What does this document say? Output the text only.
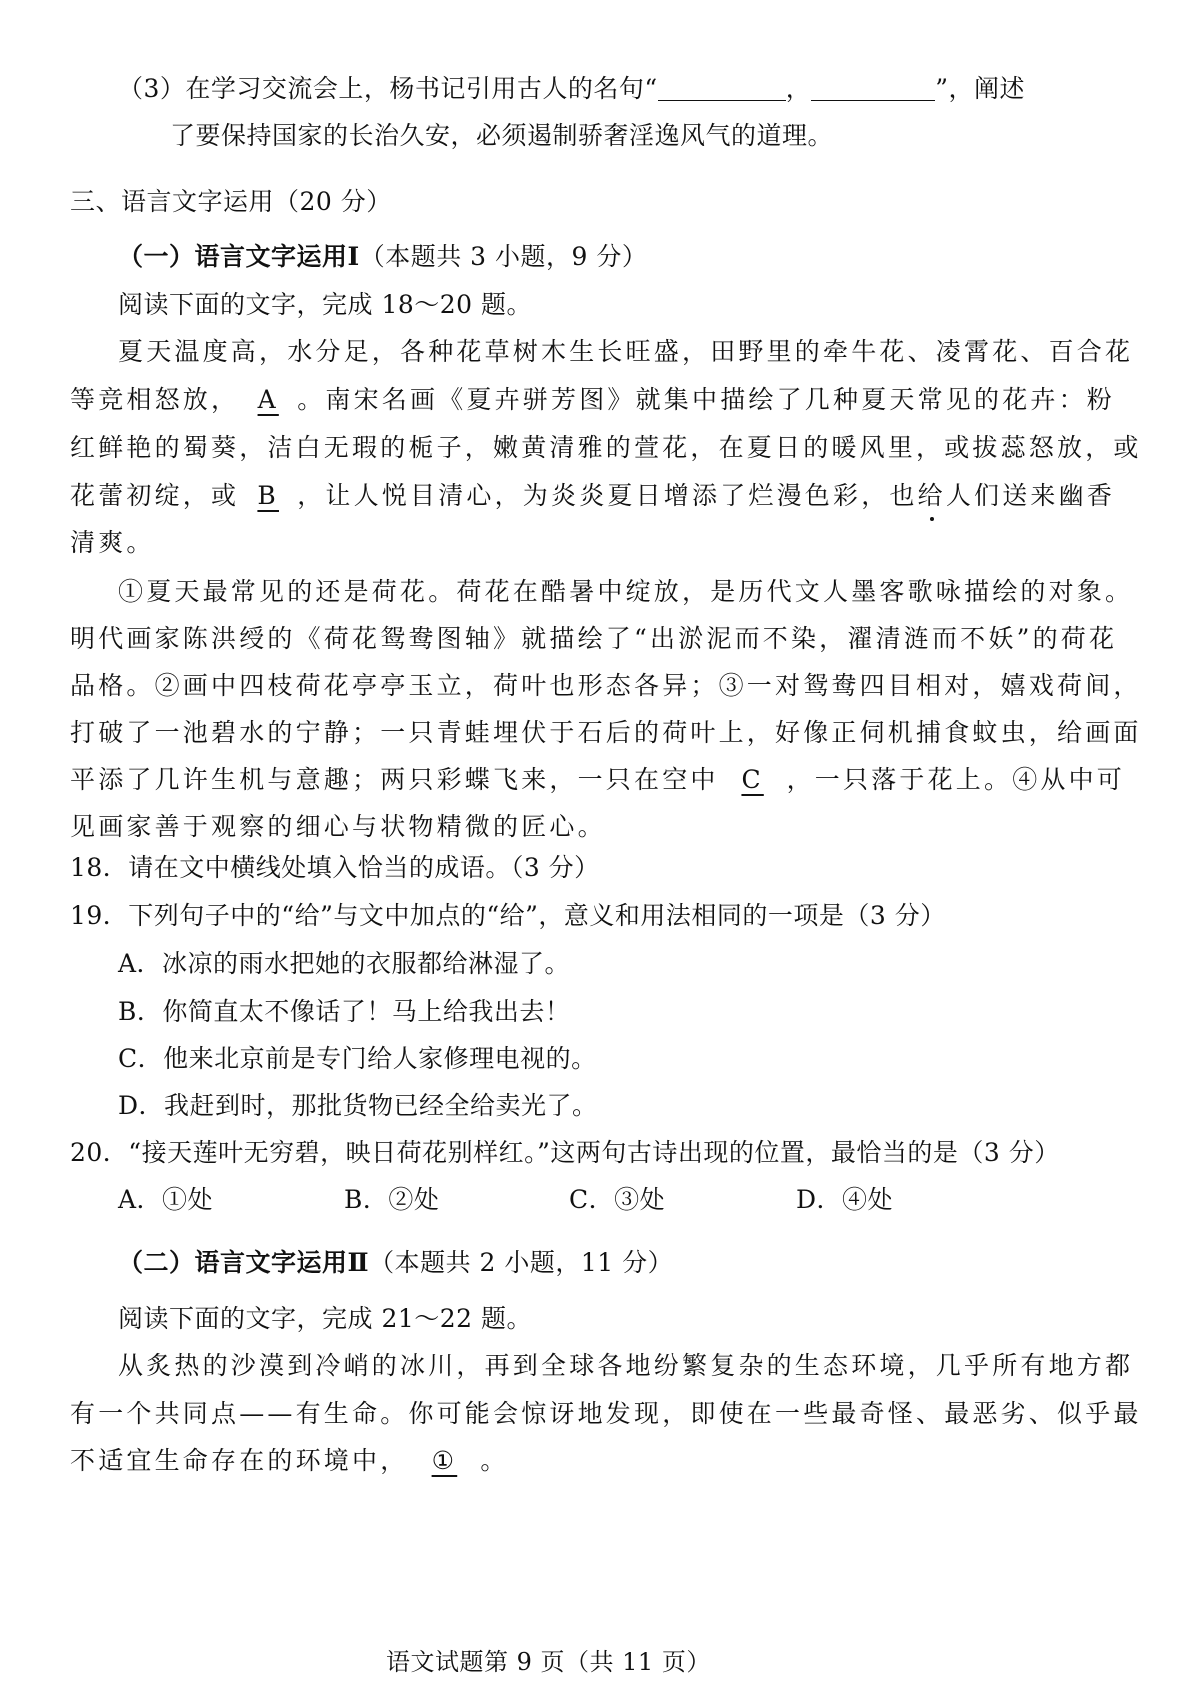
（3）在学习交流会上，杨书记引用古人的名句“	，	”，阐述
了要保持国家的长治久安，必须遏制骄奢淫逸风气的道理。
三、语言文字运用（20 分）
（一）语言文字运用Ⅰ（本题共 3 小题，9 分）
阅读下面的文字，完成 18～20 题。
夏天温度高，水分足，各种花草树木生长旺盛，田野里的牵牛花、凌霄花、百合花
等竞相怒放， A 。南宋名画《夏卉骈芳图》就集中描绘了几种夏天常见的花卉：粉
红鲜艳的蜀葵，洁白无瑕的栀子，嫩黄清雅的萱花，在夏日的暖风里，或拔蕊怒放，或
花蕾初绽，或 B ，让人悦目清心，为炎炎夏日增添了烂漫色彩，也给人们送来幽香
清爽。
①夏天最常见的还是荷花。荷花在酷暑中绽放，是历代文人墨客歌咏描绘的对象。
明代画家陈洪绶的《荷花鸳鸯图轴》就描绘了“出淤泥而不染，濯清涟而不妖”的荷花
品格。②画中四枝荷花亭亭玉立，荷叶也形态各异；③一对鸳鸯四目相对，嬉戏荷间，
打破了一池碧水的宁静；一只青蛙埋伏于石后的荷叶上，好像正伺机捕食蚊虫，给画面
平添了几许生机与意趣；两只彩蝶飞来，一只在空中 C ，一只落于花上。④从中可
见画家善于观察的细心与状物精微的匠心。
18．请在文中横线处填入恰当的成语。（3 分）
19．下列句子中的“给”与文中加点的“给”，意义和用法相同的一项是（3 分）
A．冰凉的雨水把她的衣服都给淋湿了。
B．你简直太不像话了！马上给我出去！
C．他来北京前是专门给人家修理电视的。
D．我赶到时，那批货物已经全给卖光了。
20．“接天莲叶无穷碧，映日荷花别样红。”这两句古诗出现的位置，最恰当的是（3 分）
A．①处	B．②处	C．③处	D．④处
（二）语言文字运用Ⅱ（本题共 2 小题，11 分）
阅读下面的文字，完成 21～22 题。
从炙热的沙漠到冷峭的冰川，再到全球各地纷繁复杂的生态环境，几乎所有地方都
有一个共同点——有生命。你可能会惊讶地发现，即使在一些最奇怪、最恶劣、似乎最
不适宜生命存在的环境中， ① 。
语文试题第 9 页（共 11 页）
